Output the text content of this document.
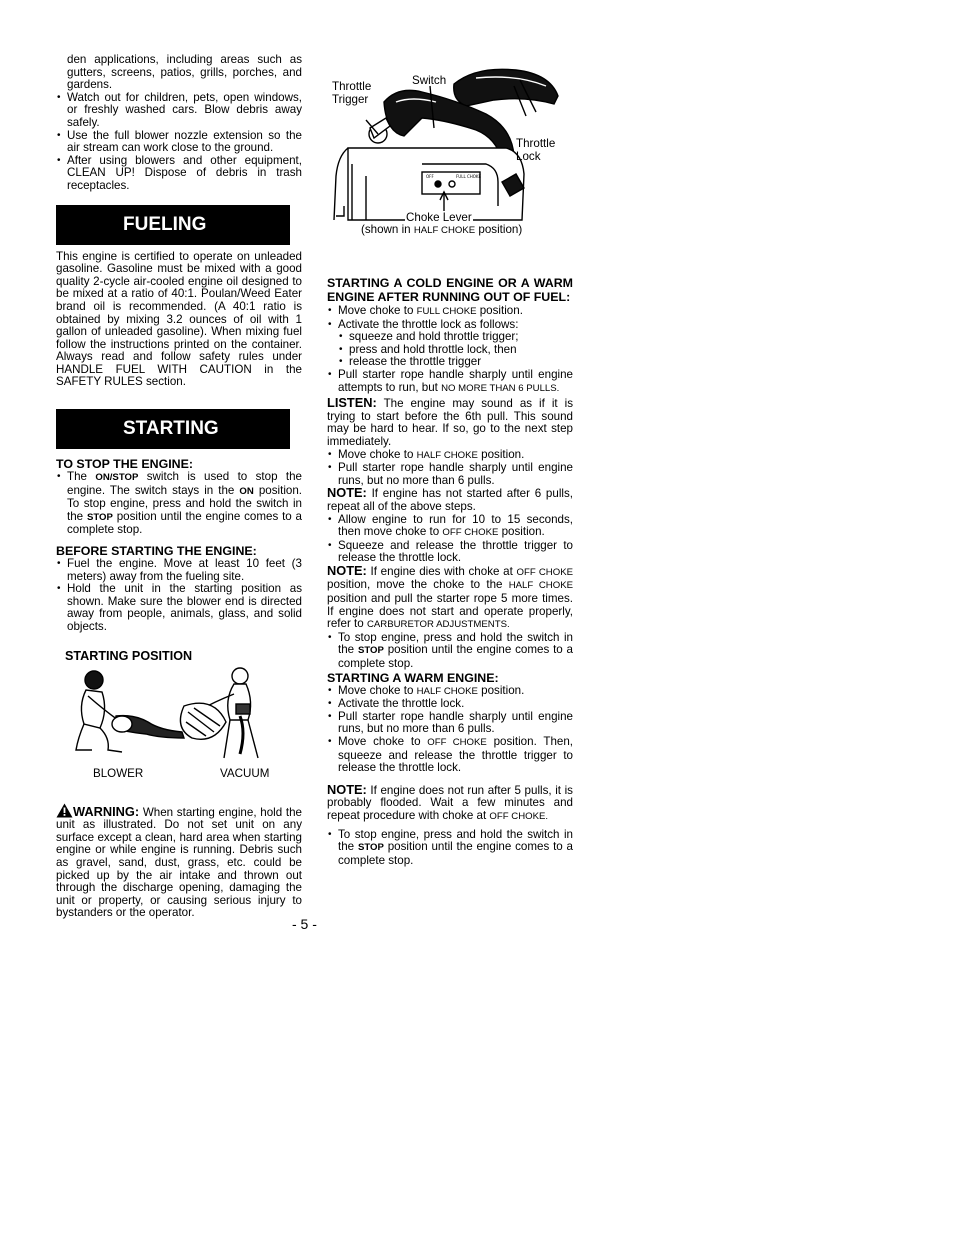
den applications, including areas such as gutters, screens, patios, grills, porches, and gardens.

• Watch out for children, pets, open windows, or freshly washed cars. Blow debris away safely.
• Use the full blower nozzle extension so the air stream can work close to the ground.
• After using blowers and other equipment, CLEAN UP! Dispose of debris in trash receptacles.
FUELING

This engine is certified to operate on unleaded gasoline. Gasoline must be mixed with a good quality 2-cycle air-cooled engine oil designed to be mixed at a ratio of 40:1. Poulan/Weed Eater brand oil is recommended. (A 40:1 ratio is obtained by mixing 3.2 ounces of oil with 1 gallon of unleaded gasoline). When mixing fuel follow the instructions printed on the container. Always read and follow safety rules under HANDLE FUEL WITH CAUTION in the SAFETY RULES section.

STARTING
TO STOP THE ENGINE:
• The ON/STOP switch is used to stop the engine. The switch stays in the ON position. To stop engine, press and hold the switch in the STOP position until the engine comes to a complete stop.
BEFORE STARTING THE ENGINE:
• Fuel the engine. Move at least 10 feet (3 meters) away from the fueling site.
• Hold the unit in the starting position as shown. Make sure the blower end is directed away from people, animals, glass, and solid objects.
STARTING POSITION
BLOWER	VACUUM

WARNING: When starting engine, hold the unit as illustrated. Do not set unit on any surface except a clean, hard area when starting engine or while engine is running. Debris such as gravel, sand, dust, grass, etc. could be picked up by the air intake and thrown out through the discharge opening, damaging the unit or property, or causing serious injury to bystanders or the operator.

OFF	FULL CHOKE
Throttle
Trigger
Switch
Throttle
Lock
Choke Lever
(shown in HALF CHOKE position)
STARTING A COLD ENGINE OR A WARM ENGINE AFTER RUNNING OUT OF FUEL:
• Move choke to FULL CHOKE position.
• Activate the throttle lock as follows:
• squeeze and hold throttle trigger;
• press and hold throttle lock, then
• release the throttle trigger
• Pull starter rope handle sharply until engine attempts to run, but NO MORE THAN 6 PULLS.

LISTEN: The engine may sound as if it is trying to start before the 6th pull. This sound may be hard to hear. If so, go to the next step immediately.

• Move choke to HALF CHOKE position.
• Pull starter rope handle sharply until engine runs, but no more than 6 pulls.

NOTE: If engine has not started after 6 pulls, repeat all of the above steps.

• Allow engine to run for 10 to 15 seconds, then move choke to OFF CHOKE position.
• Squeeze and release the throttle trigger to release the throttle lock.

NOTE: If engine dies with choke at OFF CHOKE position, move the choke to the HALF CHOKE position and pull the starter rope 5 more times. If engine does not start and operate properly, refer to CARBURETOR ADJUSTMENTS.

• To stop engine, press and hold the switch in the STOP position until the engine comes to a complete stop.
STARTING A WARM ENGINE:
• Move choke to HALF CHOKE position.
• Activate the throttle lock.
• Pull starter rope handle sharply until engine runs, but no more than 6 pulls.
• Move choke to OFF CHOKE position. Then, squeeze and release the throttle trigger to release the throttle lock.

NOTE: If engine does not run after 5 pulls, it is probably flooded. Wait a few minutes and repeat procedure with choke at OFF CHOKE.

• To stop engine, press and hold the switch in the STOP position until the engine comes to a complete stop.
- 5 -
